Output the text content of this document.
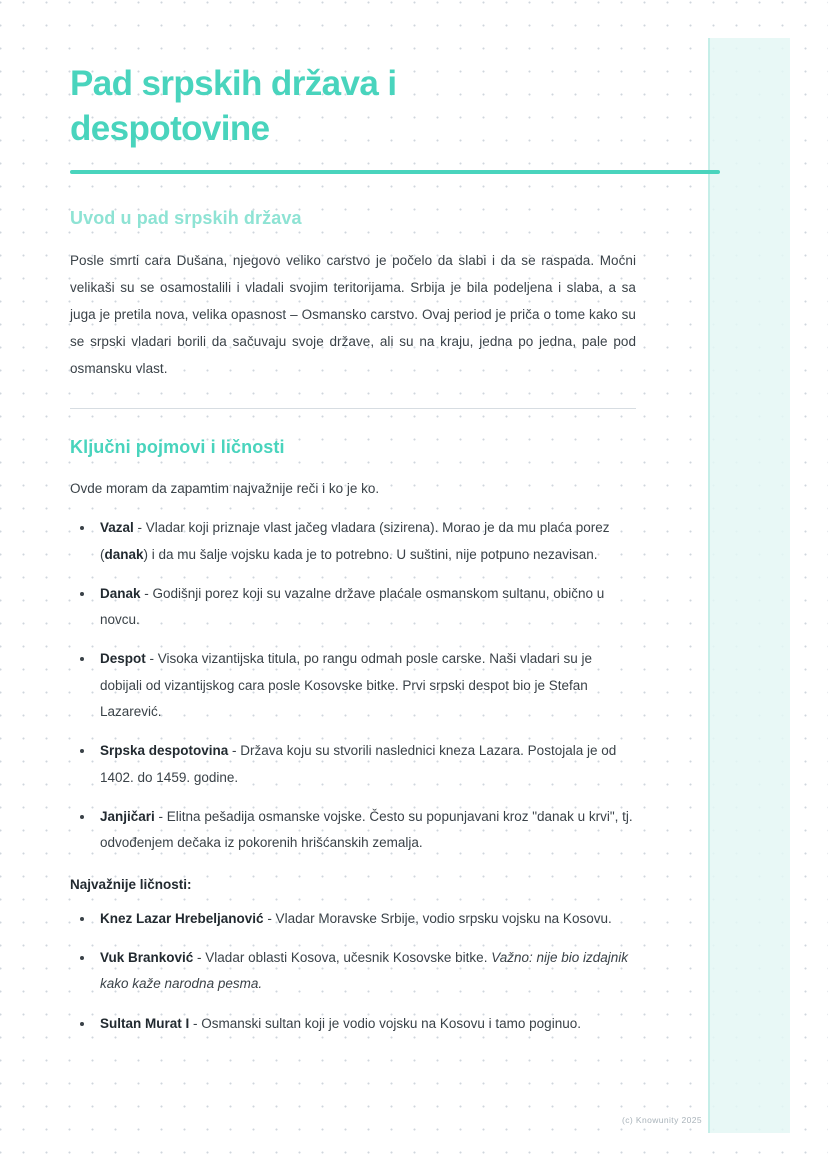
Pad srpskih država i despotovine
Uvod u pad srpskih država

Posle smrti cara Dušana, njegovo veliko carstvo je počelo da slabi i da se raspada. Moćni velikaši su se osamostalili i vladali svojim teritorijama. Srbija je bila podeljena i slaba, a sa juga je pretila nova, velika opasnost – Osmansko carstvo. Ovaj period je priča o tome kako su se srpski vladari borili da sačuvaju svoje države, ali su na kraju, jedna po jedna, pale pod osmansku vlast.

Ključni pojmovi i ličnosti

Ovde moram da zapamtim najvažnije reči i ko je ko.

Vazal - Vladar koji priznaje vlast jačeg vladara (sizirena). Morao je da mu plaća porez (danak) i da mu šalje vojsku kada je to potrebno. U suštini, nije potpuno nezavisan.
Danak - Godišnji porez koji su vazalne države plaćale osmanskom sultanu, obično u novcu.
Despot - Visoka vizantijska titula, po rangu odmah posle carske. Naši vladari su je dobijali od vizantijskog cara posle Kosovske bitke. Prvi srpski despot bio je Stefan Lazarević.
Srpska despotovina - Država koju su stvorili naslednici kneza Lazara. Postojala je od 1402. do 1459. godine.
Janjičari - Elitna pešadija osmanske vojske. Često su popunjavani kroz "danak u krvi", tj. odvođenjem dečaka iz pokorenih hrišćanskih zemalja.

Najvažnije ličnosti:

Knez Lazar Hrebeljanović - Vladar Moravske Srbije, vodio srpsku vojsku na Kosovu.
Vuk Branković - Vladar oblasti Kosova, učesnik Kosovske bitke. Važno: nije bio izdajnik kako kaže narodna pesma.
Sultan Murat I - Osmanski sultan koji je vodio vojsku na Kosovu i tamo poginuo.
(c) Knowunity 2025
